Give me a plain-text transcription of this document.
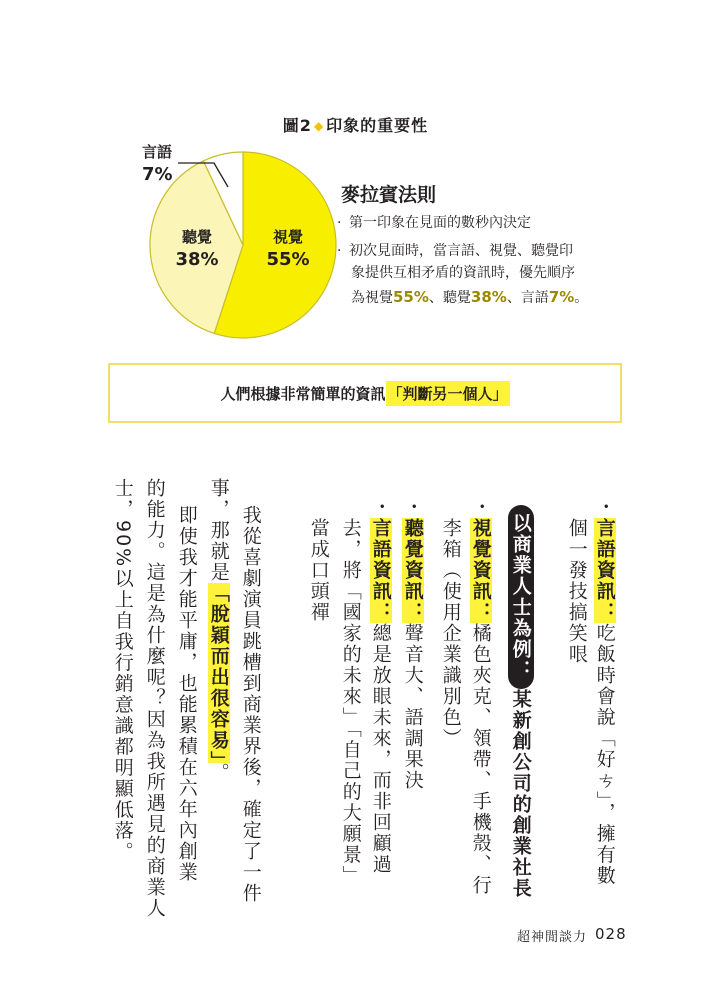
圖2 ◆ 印象的重要性
言語
7%
聽覺
38%
視覺
55%
麥拉賓法則
· 第一印象在見面的數秒內決定
· 初次見面時，當言語、視覺、聽覺印
象提供互相矛盾的資訊時，優先順序
為視覺55%、聽覺38%、言語7%。
人們根據非常簡單的資訊 「判斷另一個人」
・言語資訊：吃飯時會說「好ㄘ」，擁有數
個一發技搞笑哏
以商業人士為例：某新創公司的創業社長
・視覺資訊：橘色夾克、領帶、手機殼、行
李箱（使用企業識別色）
・聽覺資訊：聲音大、語調果決
・言語資訊：總是放眼未來，而非回顧過
去，將「國家的未來」「自己的大願景」
當成口頭禪
我從喜劇演員跳槽到商業界後，確定了一件
事，那就是「脫穎而出很容易」。
即使我才能平庸，也能累積在六年內創業
的能力。這是為什麼呢？因為我所遇見的商業人
士，90%以上自我行銷意識都明顯低落。
超神閒談力 028
